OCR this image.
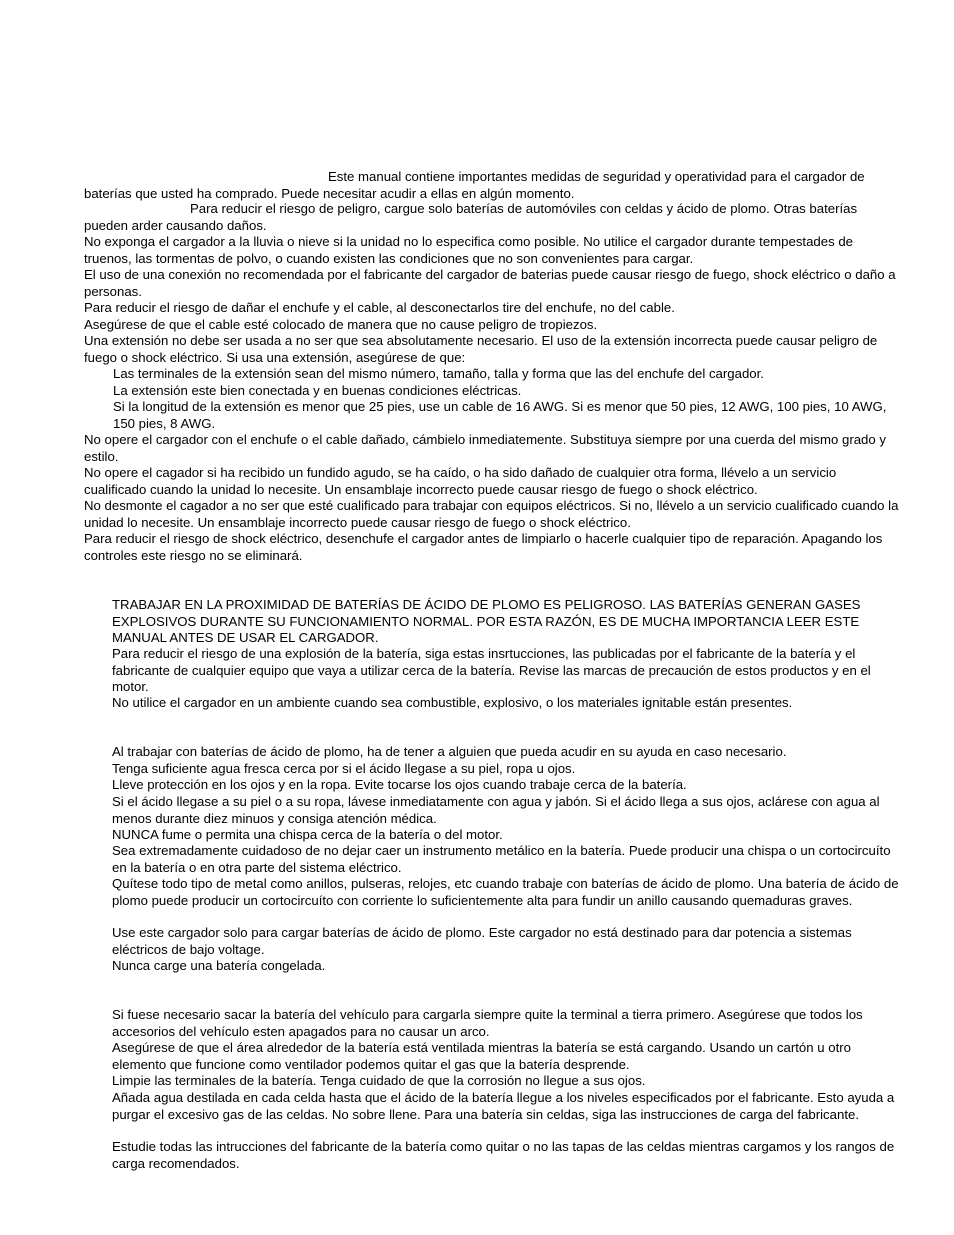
Este manual contiene importantes medidas de seguridad y operatividad para el cargador de baterías que usted ha comprado. Puede necesitar acudir a ellas en algún momento.

Para reducir el riesgo de peligro, cargue solo baterías de automóviles con celdas y ácido de plomo. Otras baterías pueden arder causando daños.

No exponga el cargador a la lluvia o nieve si la unidad no lo especifica como posible. No utilice el cargador durante tempestades de truenos, las tormentas de polvo, o cuando existen las condiciones que no son convenientes para cargar.

El uso de una conexión no recomendada por el fabricante del cargador de baterias puede causar riesgo de fuego, shock eléctrico o daño a personas.

Para reducir el riesgo de dañar el enchufe y el cable, al desconectarlos tire del enchufe, no del cable.

Asegúrese de que el cable esté colocado de manera que no cause peligro de tropiezos.

Una extensión no debe ser usada a no ser que sea absolutamente necesario. El uso de la extensión incorrecta puede causar peligro de fuego o shock eléctrico. Si usa una extensión, asegúrese de que:

Las terminales de la extensión sean del mismo número, tamaño, talla y forma que las del enchufe del cargador.

La extensión este bien conectada y en buenas condiciones eléctricas.

Si la longitud de la extensión es menor que 25 pies, use un cable de 16 AWG. Si es menor que 50 pies, 12 AWG, 100 pies, 10 AWG, 150 pies, 8 AWG.

No opere el cargador con el enchufe o el cable dañado, cámbielo inmediatemente. Substituya siempre por una cuerda del mismo grado y estilo.

No opere el cagador si ha recibido un fundido agudo, se ha caído, o ha sido dañado de cualquier otra forma, llévelo a un servicio cualificado cuando la unidad lo necesite. Un ensamblaje incorrecto puede causar riesgo de fuego o shock eléctrico.

No desmonte el cagador a no ser que esté cualificado para trabajar con equipos eléctricos. Si no, llévelo a un servicio cualificado cuando la unidad lo necesite. Un ensamblaje incorrecto puede causar riesgo de fuego o shock eléctrico.

Para reducir el riesgo de shock eléctrico, desenchufe el cargador antes de limpiarlo o hacerle cualquier tipo de reparación. Apagando los controles este riesgo no se eliminará.

TRABAJAR EN LA PROXIMIDAD DE BATERÍAS DE ÁCIDO DE PLOMO ES PELIGROSO. LAS BATERÍAS GENERAN GASES EXPLOSIVOS DURANTE SU FUNCIONAMIENTO NORMAL. POR ESTA RAZÓN, ES DE MUCHA IMPORTANCIA LEER ESTE MANUAL ANTES DE USAR EL CARGADOR.

Para reducir el riesgo de una explosión de la batería, siga estas insrtucciones, las publicadas por el fabricante de la batería y el fabricante de cualquier equipo que vaya a utilizar cerca de la batería. Revise las marcas de precaución de estos productos y en el motor.

No utilice el cargador en un ambiente cuando sea combustible, explosivo, o los materiales ignitable están presentes.

Al trabajar con baterías de ácido de plomo, ha de tener a alguien que pueda acudir en su ayuda en caso necesario.

Tenga suficiente agua fresca cerca por si el ácido llegase a su piel, ropa u ojos.

Lleve protección en los ojos y en la ropa. Evite tocarse los ojos cuando trabaje cerca de la batería.

Si el ácido llegase a su piel o a su ropa, lávese inmediatamente con agua y jabón. Si el ácido llega a sus ojos, aclárese con agua al menos durante diez minuos y consiga atención médica.

NUNCA fume o permita una chispa cerca de la batería o del motor.

Sea extremadamente cuidadoso de no dejar caer un instrumento metálico en la batería. Puede producir una chispa o un cortocircuíto en la batería o en otra parte del sistema eléctrico.

Quítese todo tipo de metal como anillos, pulseras, relojes, etc cuando trabaje con baterías de ácido de plomo. Una batería de ácido de plomo puede producir un cortocircuíto con corriente lo suficientemente alta para fundir un anillo causando quemaduras graves.

Use este cargador solo para cargar baterías de ácido de plomo. Este cargador no está destinado para dar potencia a sistemas eléctricos de bajo voltage.

Nunca carge una batería congelada.

Si fuese necesario sacar la batería del vehículo para cargarla siempre quite la terminal a tierra primero. Asegúrese que todos los accesorios del vehículo esten apagados para no causar un arco.

Asegúrese de que el área alrededor de la batería está ventilada mientras la batería se está cargando. Usando un cartón u otro elemento que funcione como ventilador podemos quitar el gas que la batería desprende.

Limpie las terminales de la batería. Tenga cuidado de que la corrosión no llegue a sus ojos.

Añada agua destilada en cada celda hasta que el ácido de la batería llegue a los niveles especificados por el fabricante. Esto ayuda a purgar el excesivo gas de las celdas. No sobre llene. Para una batería sin celdas, siga las instrucciones de carga del fabricante.

Estudie todas las intrucciones del fabricante de la batería como quitar o no las tapas de las celdas mientras cargamos y los rangos de carga recomendados.
